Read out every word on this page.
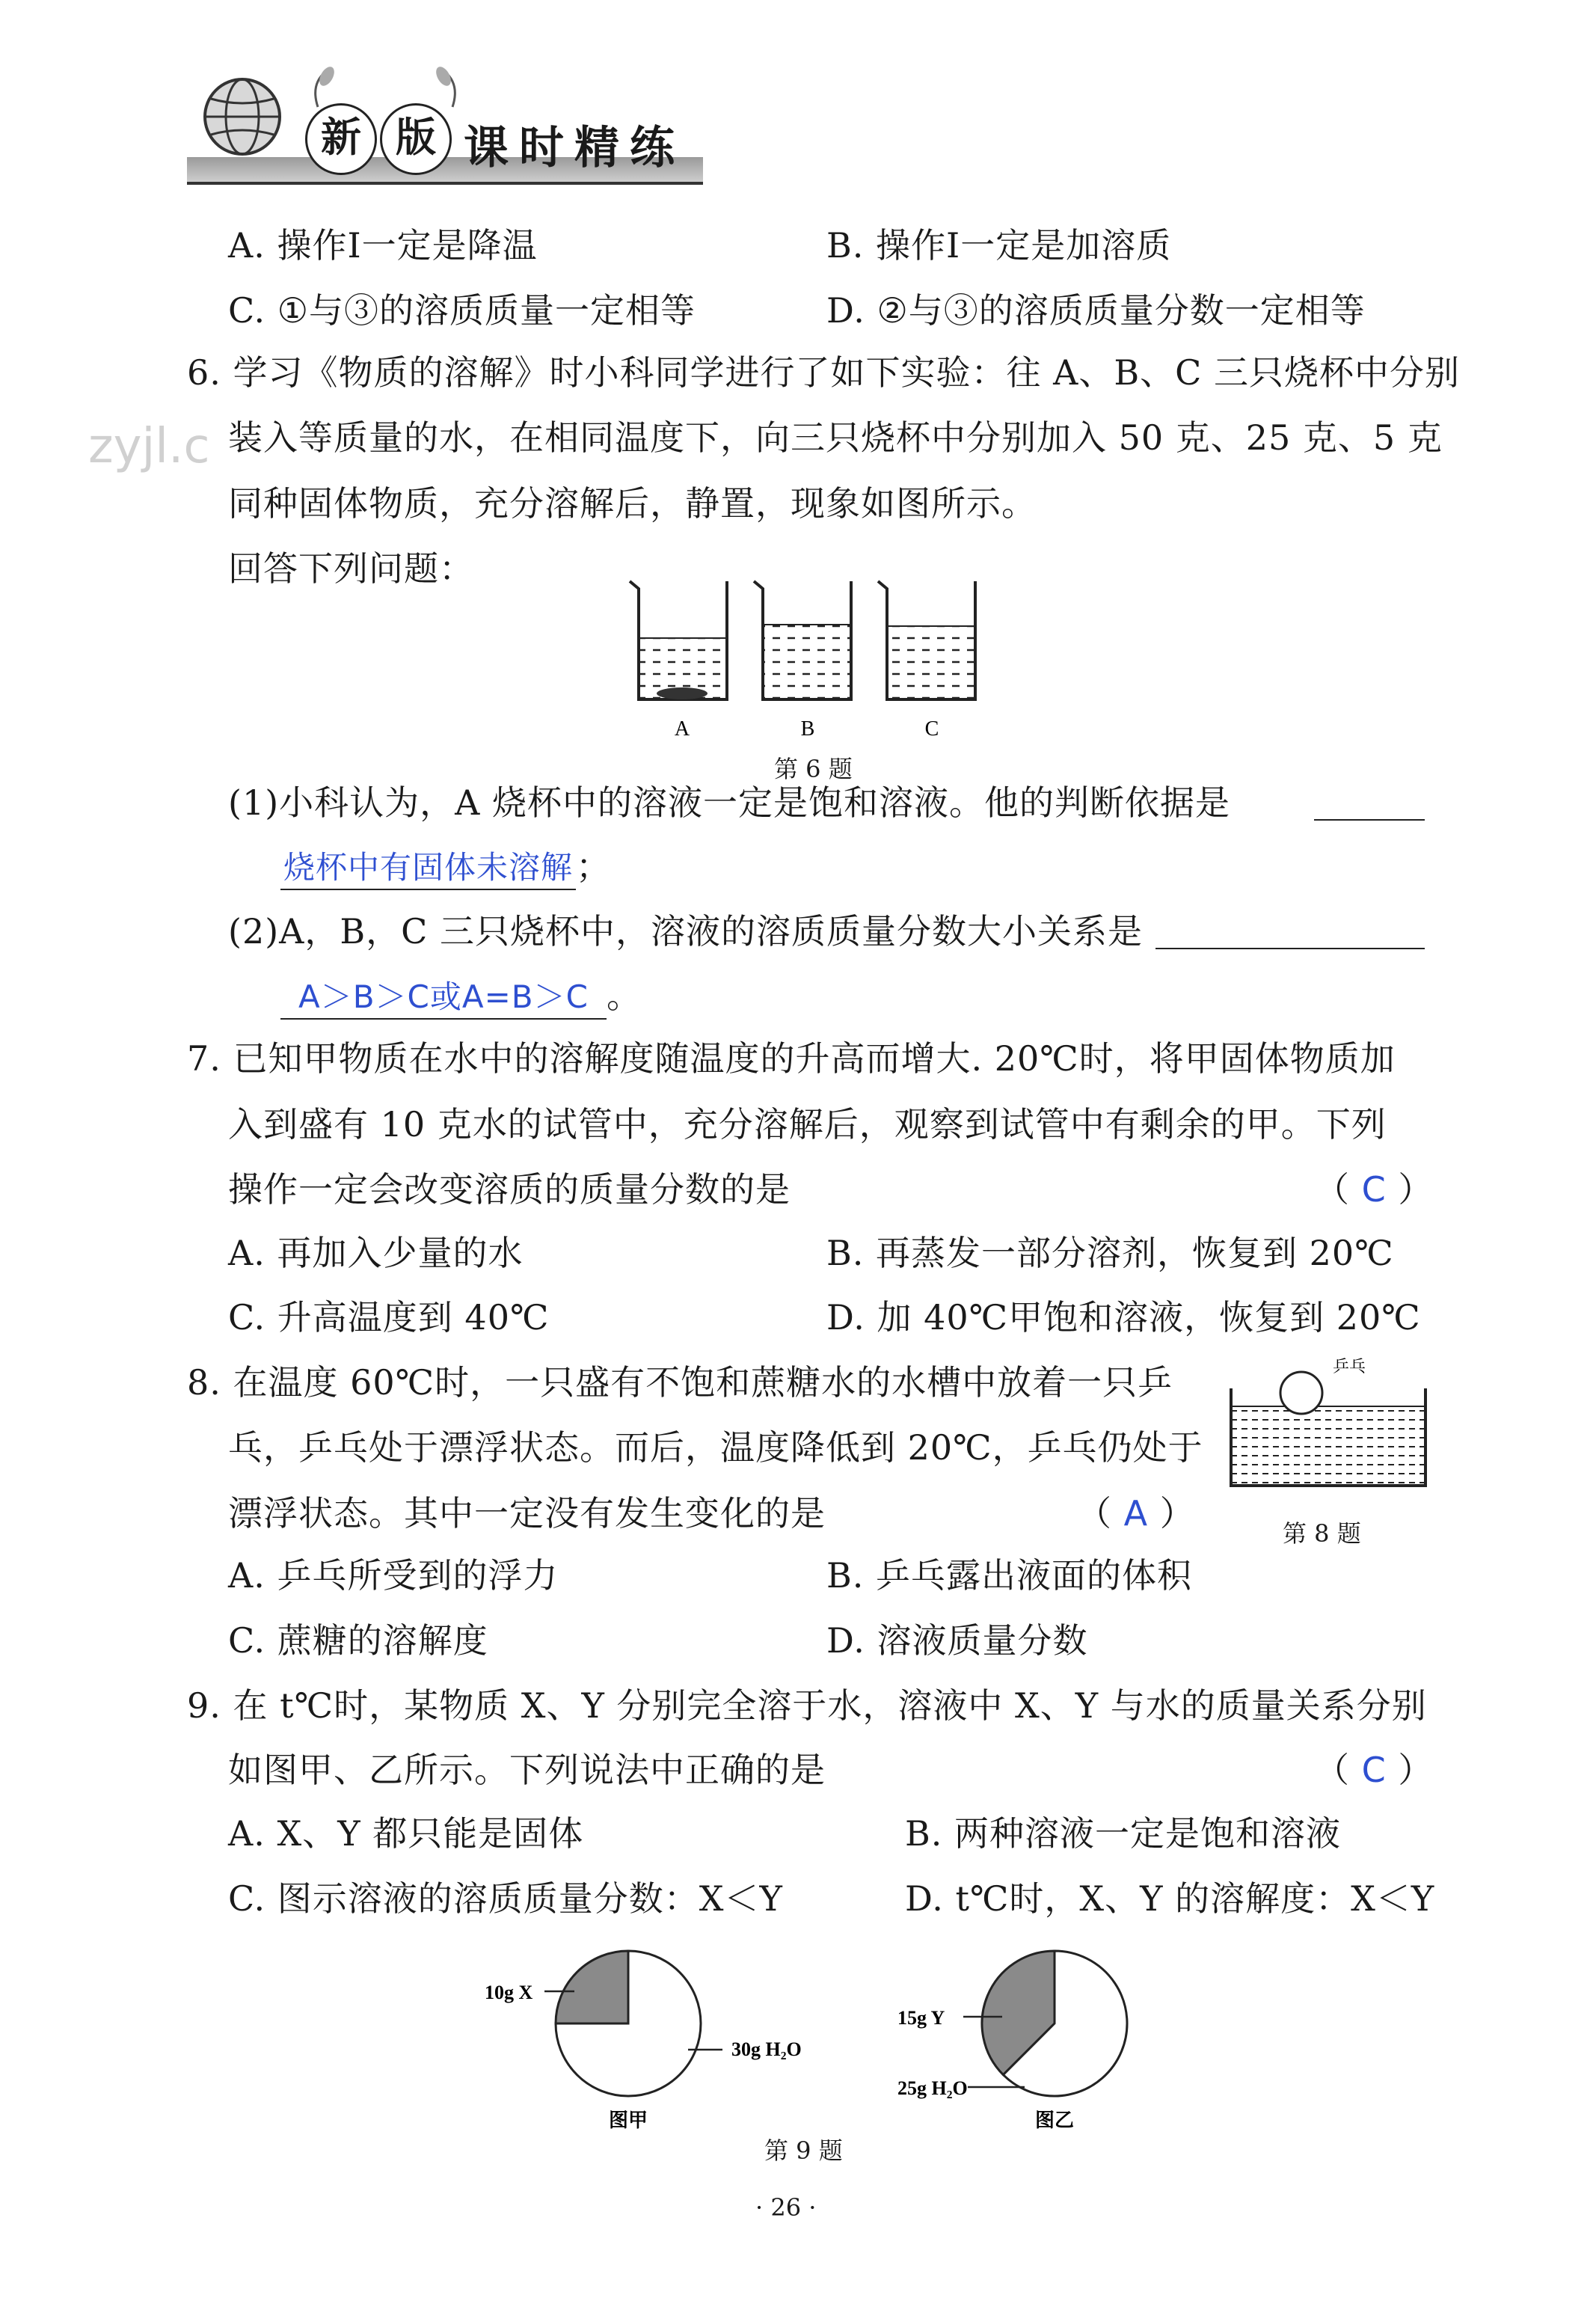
新 版 课时精练
zyjl.c
A. 操作Ⅰ一定是降温	B. 操作Ⅰ一定是加溶质
C. ①与③的溶质质量一定相等	D. ②与③的溶质质量分数一定相等
6. 学习《物质的溶解》时小科同学进行了如下实验：往 A、B、C 三只烧杯中分别
装入等质量的水，在相同温度下，向三只烧杯中分别加入 50 克、25 克、5 克
同种固体物质，充分溶解后，静置，现象如图所示。
回答下列问题：
A	B	C
第 6 题
(1)小科认为，A 烧杯中的溶液一定是饱和溶液。他的判断依据是
烧杯中有固体未溶解；
(2)A，B，C 三只烧杯中，溶液的溶质质量分数大小关系是
A＞B＞C或A=B＞C 。
7. 已知甲物质在水中的溶解度随温度的升高而增大. 20℃时，将甲固体物质加
入到盛有 10 克水的试管中，充分溶解后，观察到试管中有剩余的甲。下列
操作一定会改变溶质的质量分数的是	（ C ）
A. 再加入少量的水	B. 再蒸发一部分溶剂，恢复到 20℃
C. 升高温度到 40℃	D. 加 40℃甲饱和溶液，恢复到 20℃
8. 在温度 60℃时，一只盛有不饱和蔗糖水的水槽中放着一只乒
乓，乒乓处于漂浮状态。而后，温度降低到 20℃，乒乓仍处于
漂浮状态。其中一定没有发生变化的是	（ A ）
乒乓
第 8 题
A. 乒乓所受到的浮力	B. 乒乓露出液面的体积
C. 蔗糖的溶解度	D. 溶液质量分数
9. 在 t℃时，某物质 X、Y 分别完全溶于水，溶液中 X、Y 与水的质量关系分别
如图甲、乙所示。下列说法中正确的是	（ C ）
A. X、Y 都只能是固体	B. 两种溶液一定是饱和溶液
C. 图示溶液的溶质质量分数：X＜Y	D. t℃时，X、Y 的溶解度：X＜Y
10g X
30g H₂O
图甲
15g Y
25g H₂O
图乙
第 9 题
· 26 ·
